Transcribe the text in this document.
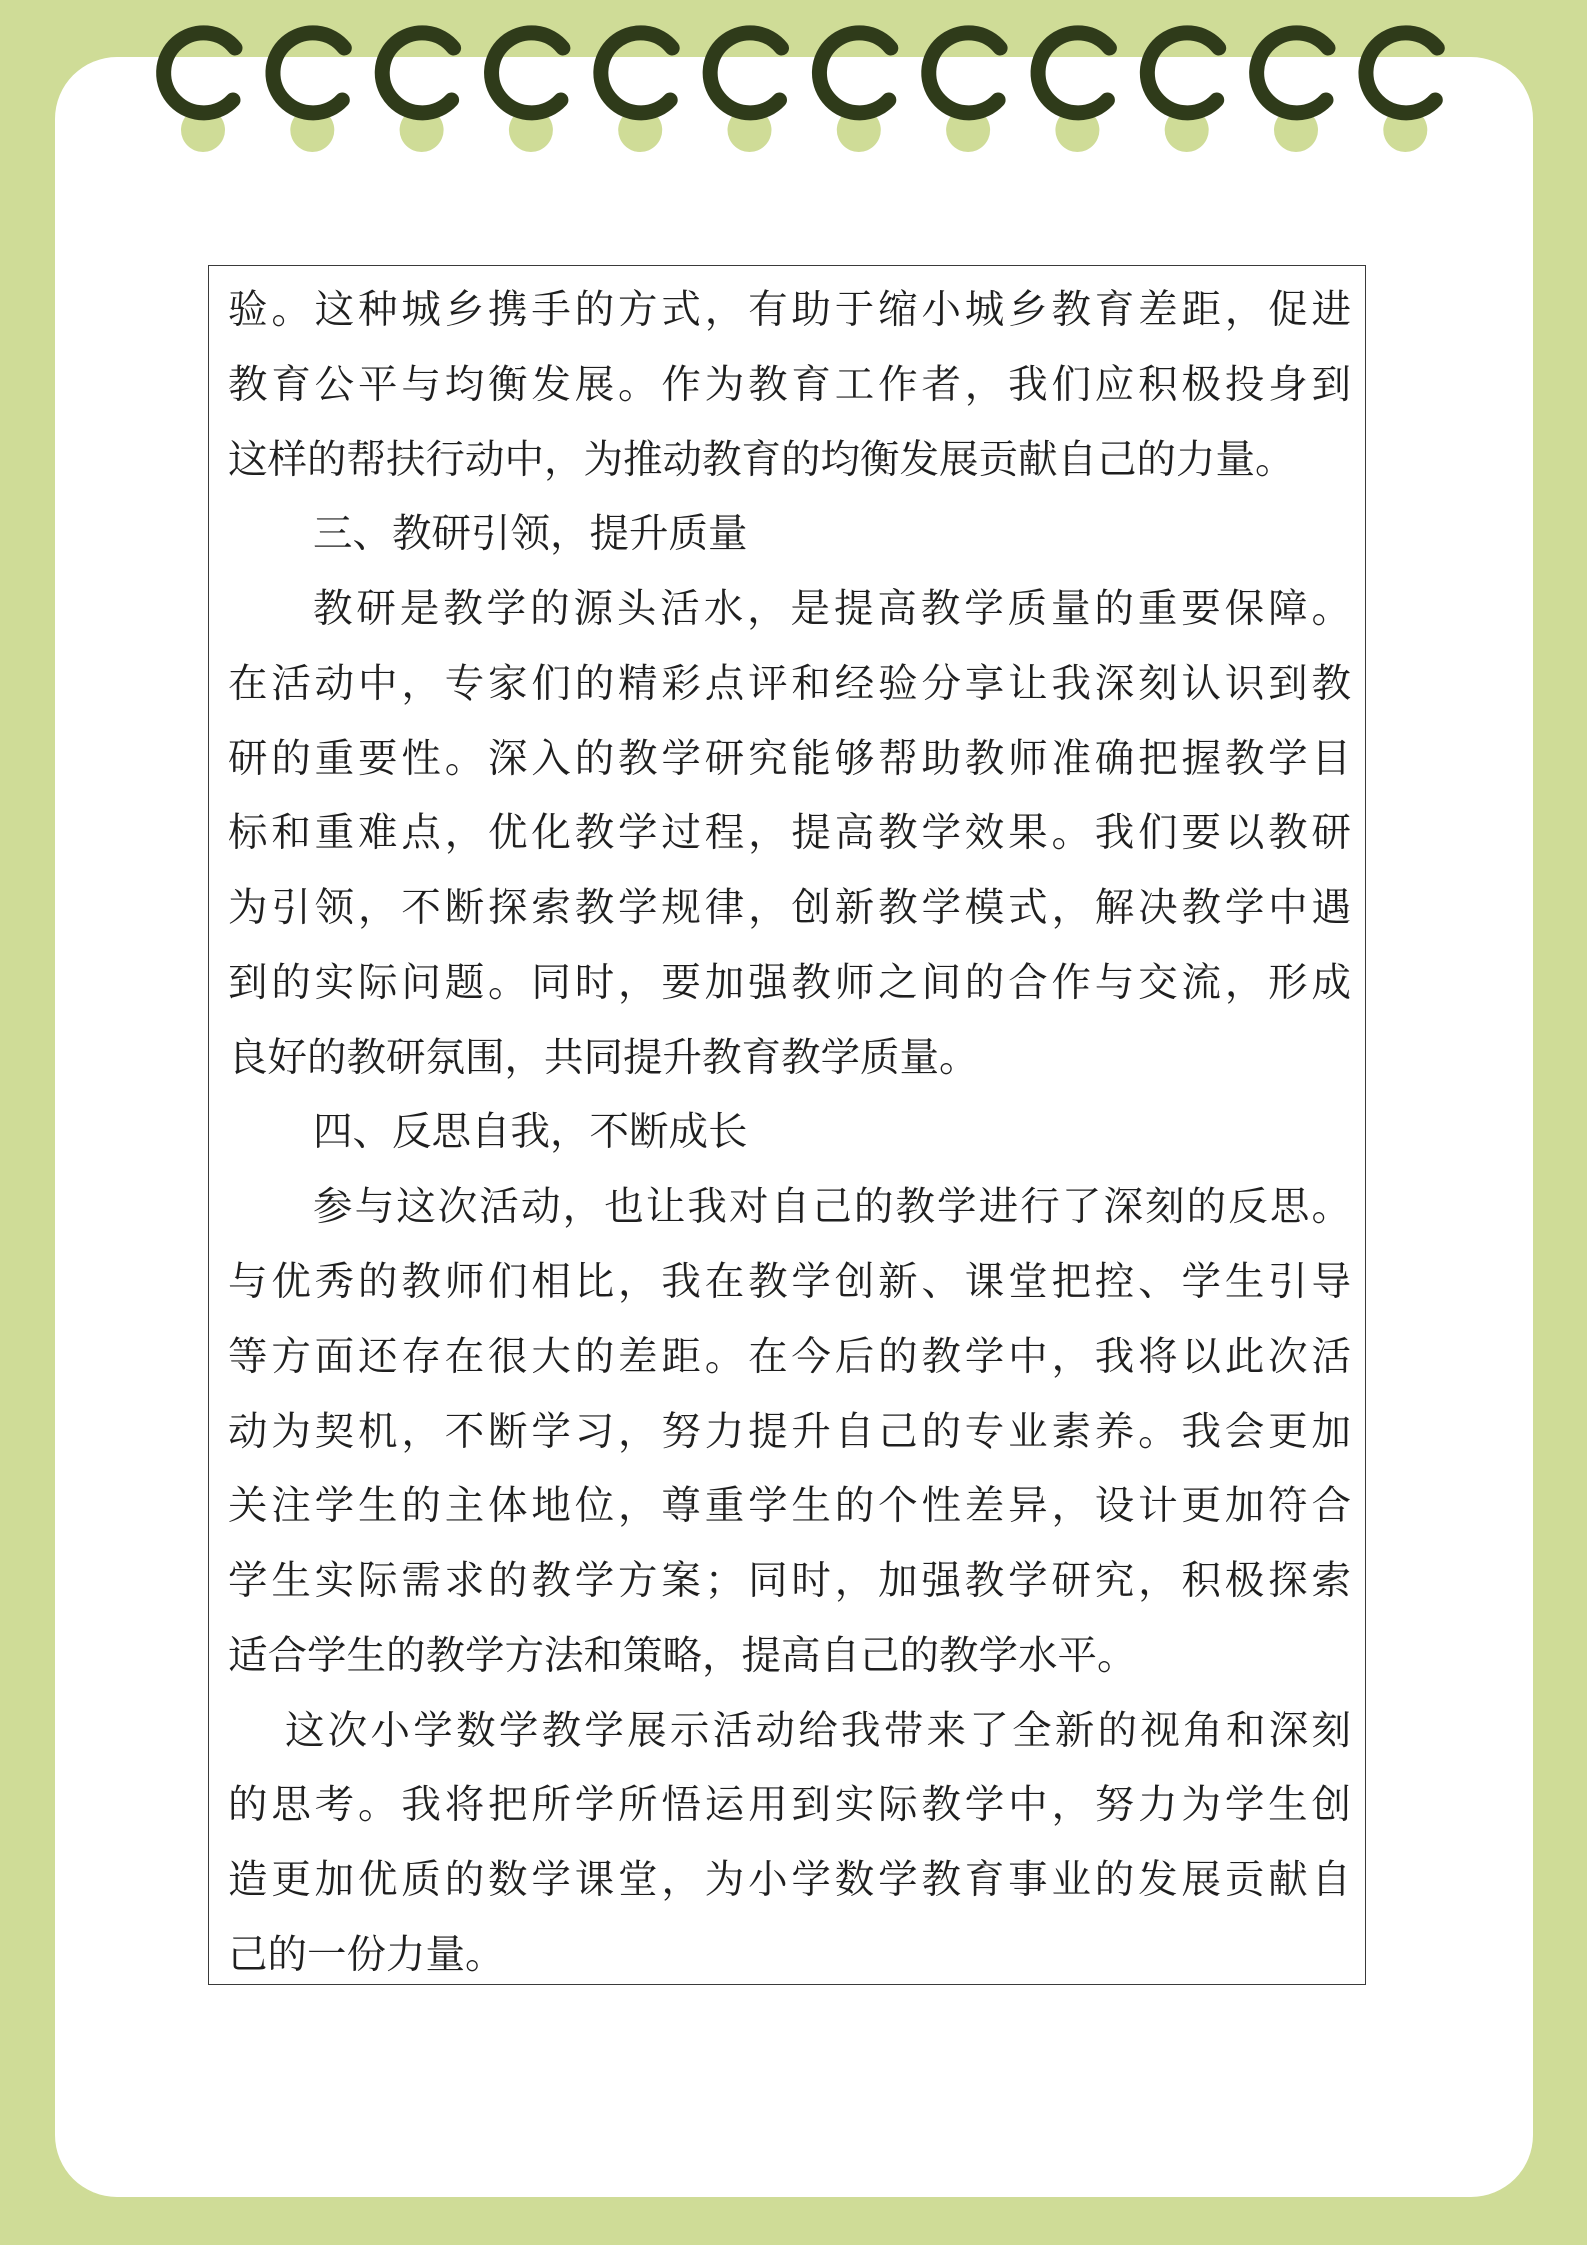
验。这种城乡携手的方式，有助于缩小城乡教育差距，促进
教育公平与均衡发展。作为教育工作者，我们应积极投身到
这样的帮扶行动中，为推动教育的均衡发展贡献自己的力量。
三、教研引领，提升质量
教研是教学的源头活水，是提高教学质量的重要保障。
在活动中，专家们的精彩点评和经验分享让我深刻认识到教
研的重要性。深入的教学研究能够帮助教师准确把握教学目
标和重难点，优化教学过程，提高教学效果。我们要以教研
为引领，不断探索教学规律，创新教学模式，解决教学中遇
到的实际问题。同时，要加强教师之间的合作与交流，形成
良好的教研氛围，共同提升教育教学质量。
四、反思自我，不断成长
参与这次活动，也让我对自己的教学进行了深刻的反思。
与优秀的教师们相比，我在教学创新、课堂把控、学生引导
等方面还存在很大的差距。在今后的教学中，我将以此次活
动为契机，不断学习，努力提升自己的专业素养。我会更加
关注学生的主体地位，尊重学生的个性差异，设计更加符合
学生实际需求的教学方案；同时，加强教学研究，积极探索
适合学生的教学方法和策略，提高自己的教学水平。
这次小学数学教学展示活动给我带来了全新的视角和深刻
的思考。我将把所学所悟运用到实际教学中，努力为学生创
造更加优质的数学课堂，为小学数学教育事业的发展贡献自
己的一份力量。
